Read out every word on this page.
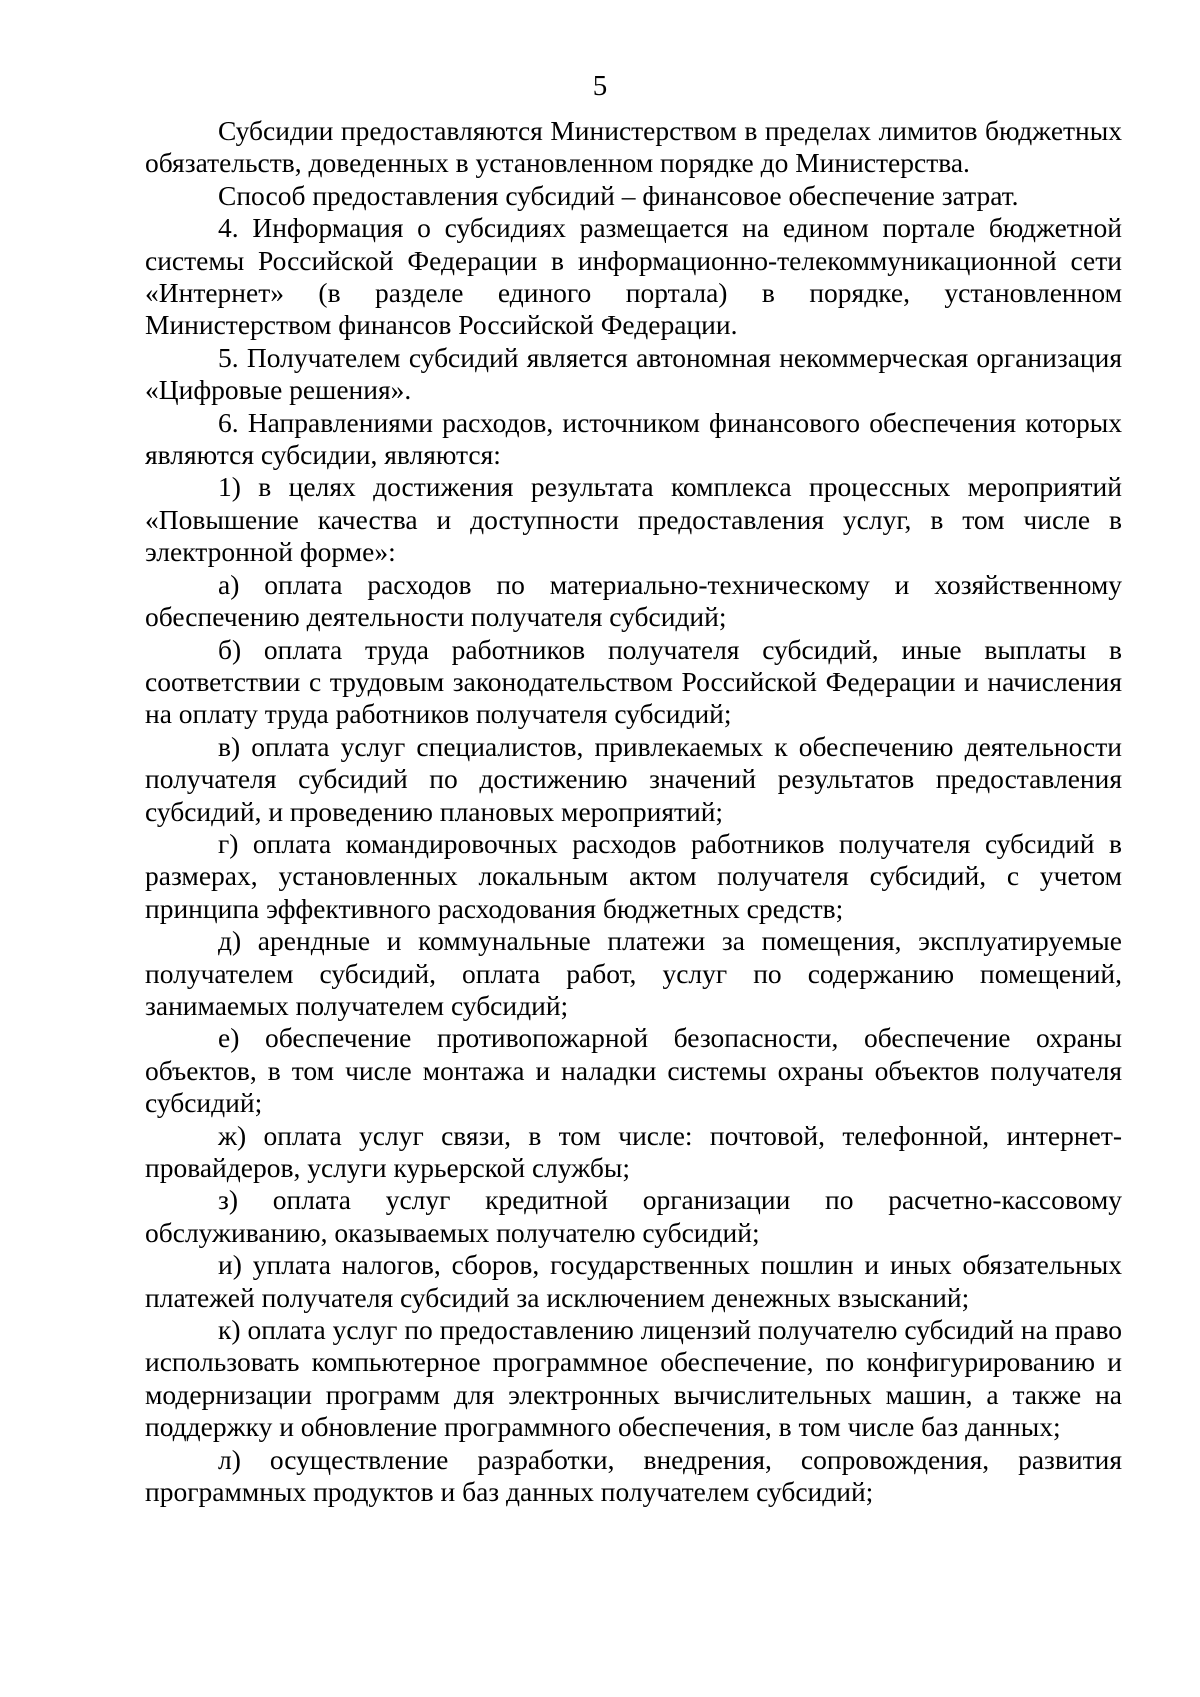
5

Субсидии предоставляются Министерством в пределах лимитов бюджетных обязательств, доведенных в установленном порядке до Министерства.

Способ предоставления субсидий – финансовое обеспечение затрат.

4. Информация о субсидиях размещается на едином портале бюджетной системы Российской Федерации в информационно-телекоммуникационной сети «Интернет» (в разделе единого портала) в порядке, установленном Министерством финансов Российской Федерации.

5. Получателем субсидий является автономная некоммерческая организация «Цифровые решения».

6. Направлениями расходов, источником финансового обеспечения которых являются субсидии, являются:

1) в целях достижения результата комплекса процессных мероприятий «Повышение качества и доступности предоставления услуг, в том числе в электронной форме»:

а) оплата расходов по материально-техническому и хозяйственному обеспечению деятельности получателя субсидий;

б) оплата труда работников получателя субсидий, иные выплаты в соответствии с трудовым законодательством Российской Федерации и начисления на оплату труда работников получателя субсидий;

в) оплата услуг специалистов, привлекаемых к обеспечению деятельности получателя субсидий по достижению значений результатов предоставления субсидий, и проведению плановых мероприятий;

г) оплата командировочных расходов работников получателя субсидий в размерах, установленных локальным актом получателя субсидий, с учетом принципа эффективного расходования бюджетных средств;

д) арендные и коммунальные платежи за помещения, эксплуатируемые получателем субсидий, оплата работ, услуг по содержанию помещений, занимаемых получателем субсидий;

е) обеспечение противопожарной безопасности, обеспечение охраны объектов, в том числе монтажа и наладки системы охраны объектов получателя субсидий;

ж) оплата услуг связи, в том числе: почтовой, телефонной, интернет-провайдеров, услуги курьерской службы;

з) оплата услуг кредитной организации по расчетно-кассовому обслуживанию, оказываемых получателю субсидий;

и) уплата налогов, сборов, государственных пошлин и иных обязательных платежей получателя субсидий за исключением денежных взысканий;

к) оплата услуг по предоставлению лицензий получателю субсидий на право использовать компьютерное программное обеспечение, по конфигурированию и модернизации программ для электронных вычислительных машин, а также на поддержку и обновление программного обеспечения, в том числе баз данных;

л) осуществление разработки, внедрения, сопровождения, развития программных продуктов и баз данных получателем субсидий;
